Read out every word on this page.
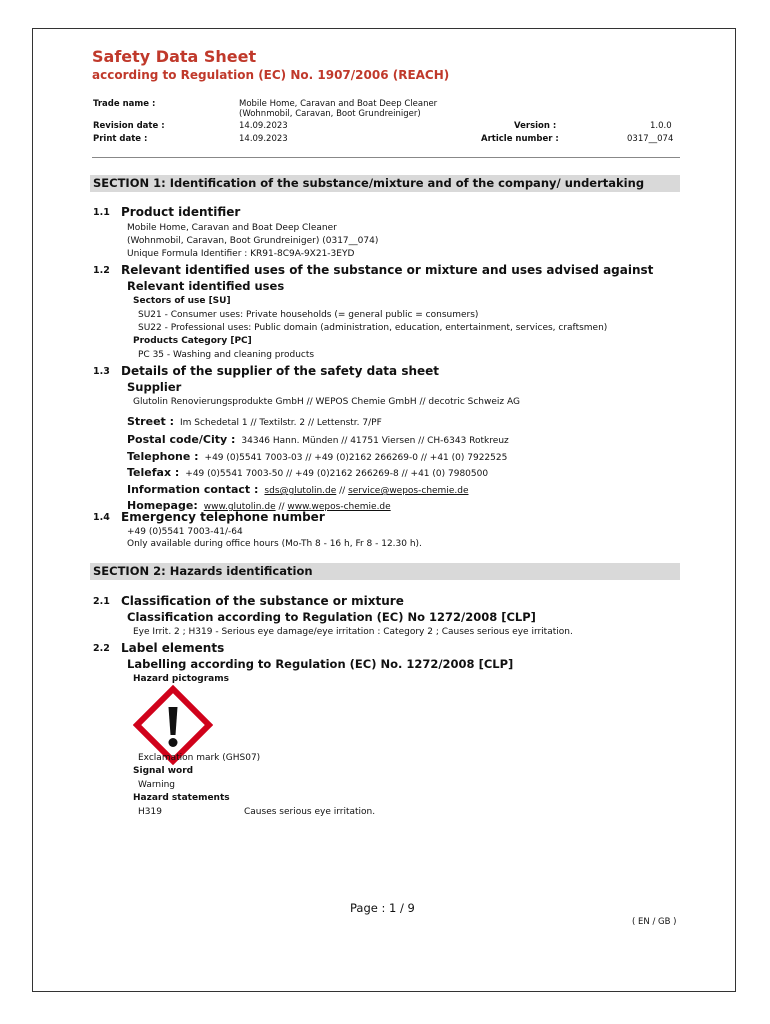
Safety Data Sheet
according to Regulation (EC) No. 1907/2006 (REACH)
Trade name :	Mobile Home, Caravan and Boat Deep Cleaner
(Wohnmobil, Caravan, Boot Grundreiniger)
Revision date :	14.09.2023	Version :	1.0.0
Print date :	14.09.2023	Article number :	0317__074
SECTION 1: Identification of the substance/mixture and of the company/ undertaking
1.1 Product identifier
Mobile Home, Caravan and Boat Deep Cleaner
(Wohnmobil, Caravan, Boot Grundreiniger) (0317__074)
Unique Formula Identifier : KR91-8C9A-9X21-3EYD
1.2 Relevant identified uses of the substance or mixture and uses advised against
Relevant identified uses
Sectors of use [SU]
SU21 - Consumer uses: Private households (= general public = consumers)
SU22 - Professional uses: Public domain (administration, education, entertainment, services, craftsmen)
Products Category [PC]
PC 35 - Washing and cleaning products
1.3 Details of the supplier of the safety data sheet
Supplier
Glutolin Renovierungsprodukte GmbH // WEPOS Chemie GmbH // decotric Schweiz AG
Street : Im Schedetal 1 // Textilstr. 2 // Lettenstr. 7/PF
Postal code/City : 34346 Hann. Münden // 41751 Viersen // CH-6343 Rotkreuz
Telephone : +49 (0)5541 7003-03 // +49 (0)2162 266269-0 // +41 (0) 7922525
Telefax : +49 (0)5541 7003-50 // +49 (0)2162 266269-8 // +41 (0) 7980500
Information contact : sds@glutolin.de // service@wepos-chemie.de
Homepage: www.glutolin.de // www.wepos-chemie.de
1.4 Emergency telephone number
+49 (0)5541 7003-41/-64
Only available during office hours (Mo-Th 8 - 16 h, Fr 8 - 12.30 h).
SECTION 2: Hazards identification
2.1 Classification of the substance or mixture
Classification according to Regulation (EC) No 1272/2008 [CLP]
Eye Irrit. 2 ; H319 - Serious eye damage/eye irritation : Category 2 ; Causes serious eye irritation.
2.2 Label elements
Labelling according to Regulation (EC) No. 1272/2008 [CLP]
Hazard pictograms
Exclamation mark (GHS07)
Signal word
Warning
Hazard statements
H319	Causes serious eye irritation.
Page : 1 / 9
( EN / GB )
